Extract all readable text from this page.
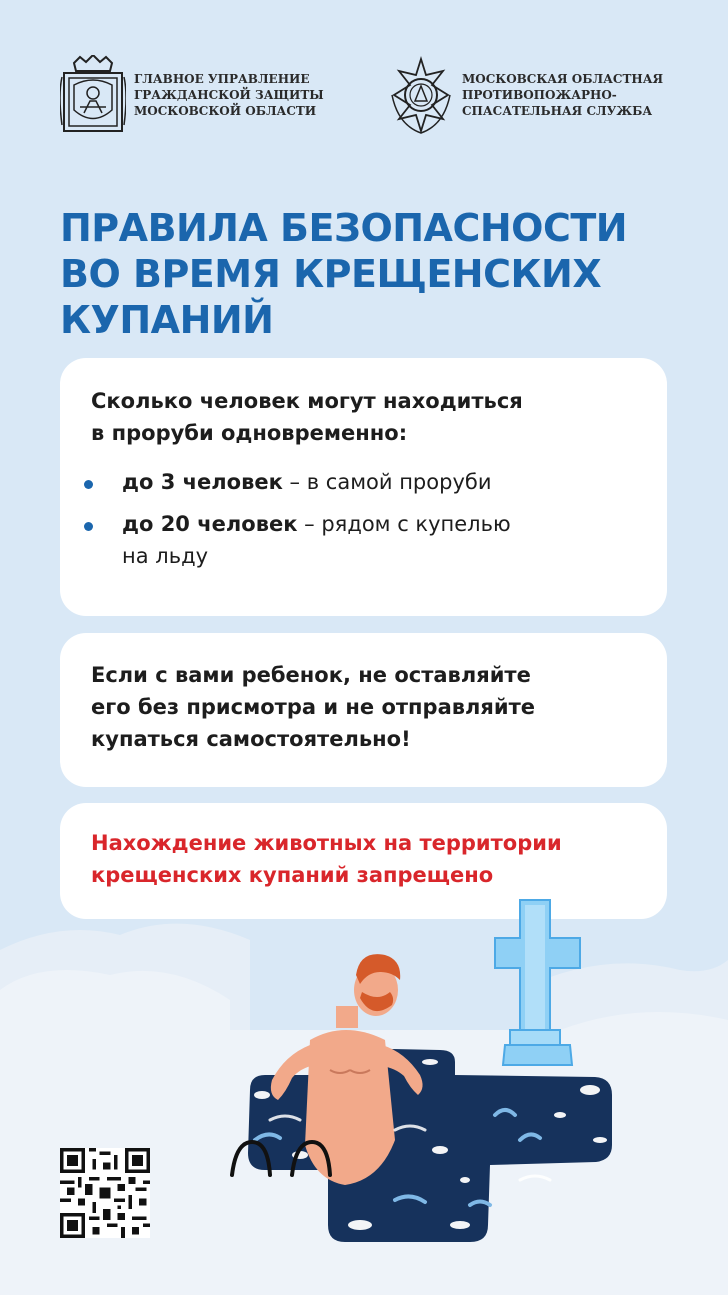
ГЛАВНОЕ УПРАВЛЕНИЕ
ГРАЖДАНСКОЙ ЗАЩИТЫ
МОСКОВСКОЙ ОБЛАСТИ
МОСКОВСКАЯ ОБЛАСТНАЯ
ПРОТИВОПОЖАРНО-
СПАСАТЕЛЬНАЯ СЛУЖБА
ПРАВИЛА БЕЗОПАСНОСТИ
ВО ВРЕМЯ КРЕЩЕНСКИХ
КУПАНИЙ
Сколько человек могут находиться
в проруби одновременно:
до 3 человек – в самой проруби
до 20 человек – рядом с купелью
на льду
Если с вами ребенок, не оставляйте
его без присмотра и не отправляйте
купаться самостоятельно!
Нахождение животных на территории
крещенских купаний запрещено
